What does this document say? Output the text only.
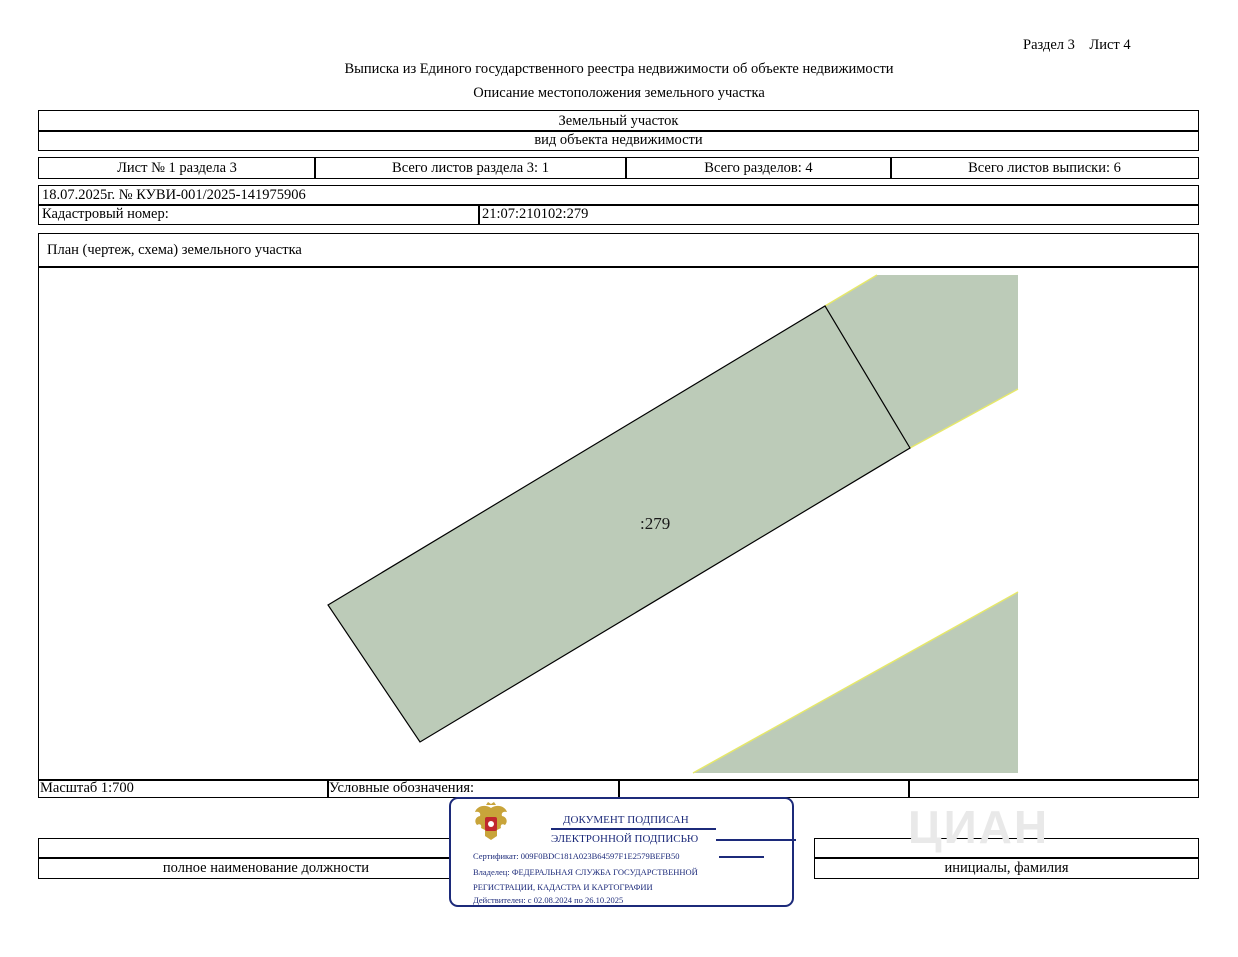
Раздел 3    Лист 4
Выписка из Единого государственного реестра недвижимости об объекте недвижимости
Описание местоположения земельного участка
Земельный участок
вид объекта недвижимости
Лист № 1 раздела 3	Всего листов раздела 3: 1	Всего разделов: 4	Всего листов выписки: 6
18.07.2025г. № КУВИ-001/2025-141975906
Кадастровый номер:	21:07:210102:279
План (чертеж, схема) земельного участка
:279
Масштаб 1:700	Условные обозначения:
полное наименование должности	инициалы, фамилия
ЦИАН
ДОКУМЕНТ ПОДПИСАН
ЭЛЕКТРОННОЙ ПОДПИСЬЮ
Сертификат: 009F0BDC181A023B64597F1E2579BEFB50
Владелец: ФЕДЕРАЛЬНАЯ СЛУЖБА ГОСУДАРСТВЕННОЙ
РЕГИСТРАЦИИ, КАДАСТРА И КАРТОГРАФИИ
Действителен: с 02.08.2024 по 26.10.2025
